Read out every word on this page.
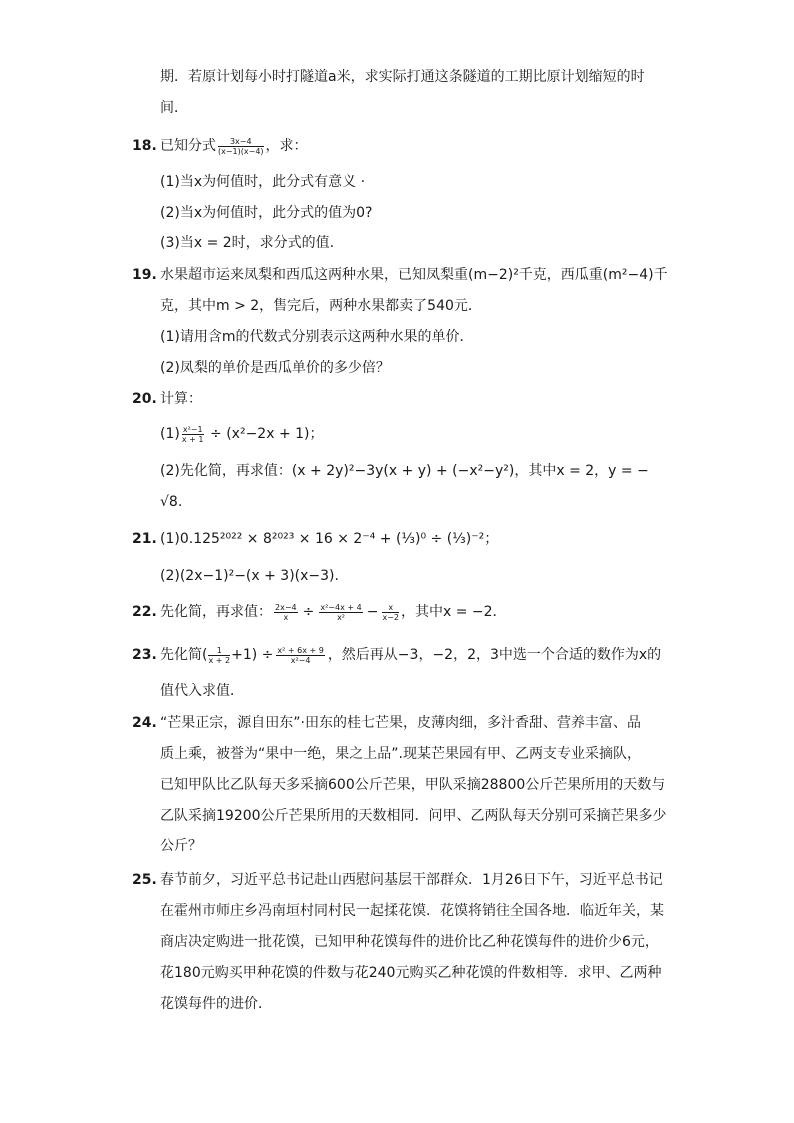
期．若原计划每小时打隧道a米，求实际打通这条隧道的工期比原计划缩短的时
间．
18. 已知分式 $\frac{3x-4}{(x-1)(x-4)}$ ，求：
(1)当x为何值时，此分式有意义 ·
(2)当x为何值时，此分式的值为0?
(3)当x = 2时，求分式的值.
19. 水果超市运来凤梨和西瓜这两种水果，已知凤梨重(m−2)²千克，西瓜重(m²−4)千
克，其中m > 2，售完后，两种水果都卖了540元．
(1)请用含m的代数式分别表示这两种水果的单价．
(2)凤梨的单价是西瓜单价的多少倍？
20. 计算：
$(1) \frac{\text{x²−1}}{x + 1} \div (x^2-2x + 1)$；
(2)先化简，再求值：(x + 2y)²−3y(x + y) + (−x²−y²)，其中x = 2，y = −
√8.
21. (1)0.125²⁰²² × 8²⁰²³ × 16 × 2⁻⁴ + (⅓)⁰ ÷ (⅓)⁻²；
(2)(2x−1)²−(x + 3)(x−3).
22. 先化简，再求值： $\frac{2x-4}{x} \div \frac{\text{x²−4x + 4}}{\text{x²}} - \frac{x}{x-2}$ ，其中x = −2．
23. 先化简( $\frac{1}{x + 2} +1) \div \frac{\text{x² + 6x + 9}}{\text{x²−4}}$ ，然后再从−3，−2，2，3中选一个合适的数作为x的
值代入求值．
24. “芒果正宗，源自田东”·田东的桂七芒果，皮薄肉细，多汁香甜、营养丰富、品
质上乘，被誉为“果中一绝，果之上品”.现某芒果园有甲、乙两支专业采摘队，
已知甲队比乙队每天多采摘600公斤芒果，甲队采摘28800公斤芒果所用的天数与
乙队采摘19200公斤芒果所用的天数相同．问甲、乙两队每天分别可采摘芒果多少
公斤？
25. 春节前夕，习近平总书记赴山西慰问基层干部群众．1月26日下午，习近平总书记
在霍州市师庄乡冯南垣村同村民一起揉花馍．花馍将销往全国各地．临近年关，某
商店决定购进一批花馍，已知甲种花馍每件的进价比乙种花馍每件的进价少6元，
花180元购买甲种花馍的件数与花240元购买乙种花馍的件数相等．求甲、乙两种
花馍每件的进价．
